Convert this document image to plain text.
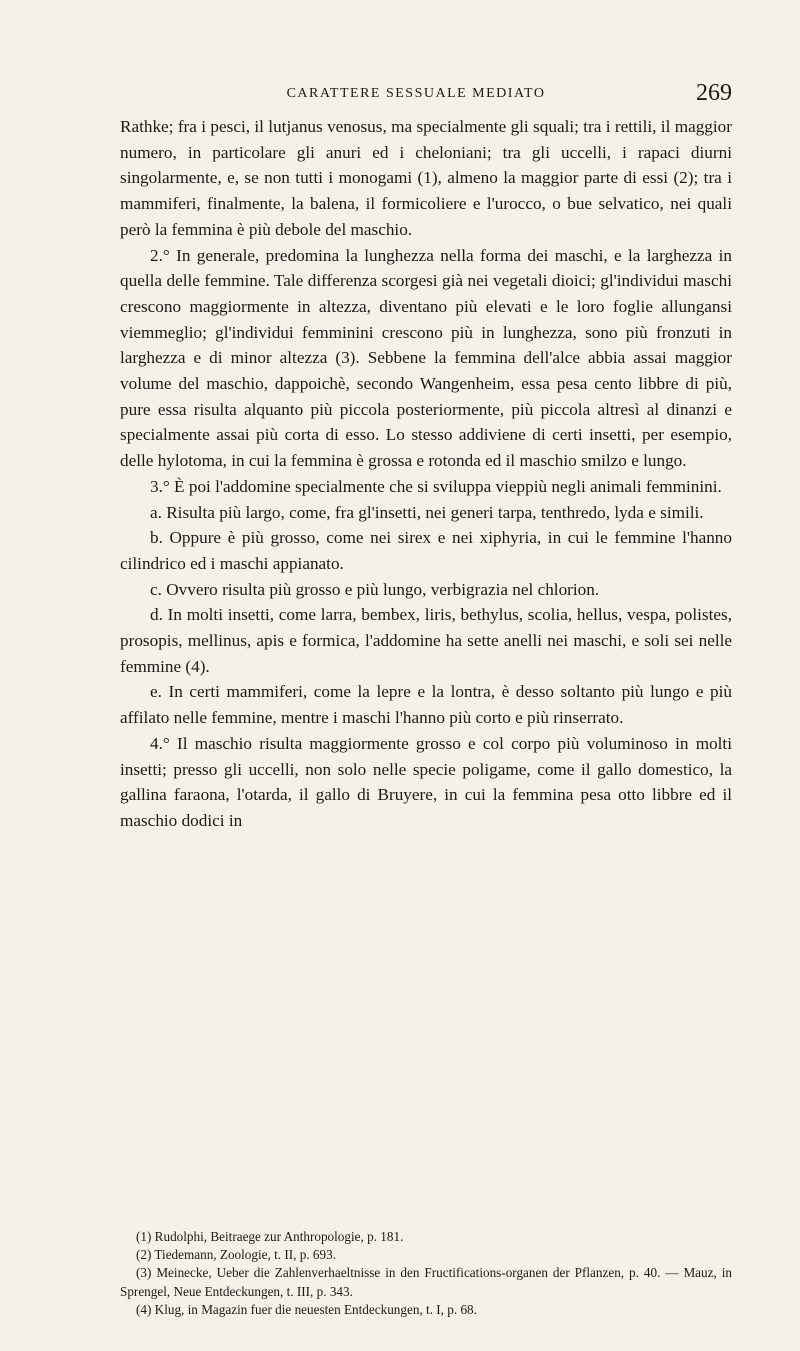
CARATTERE SESSUALE MEDIATO	269

Rathke; fra i pesci, il lutjanus venosus, ma specialmente gli squali; tra i rettili, il maggior numero, in particolare gli anuri ed i cheloniani; tra gli uccelli, i rapaci diurni singolarmente, e, se non tutti i monogami (1), almeno la maggior parte di essi (2); tra i mammiferi, finalmente, la balena, il formicoliere e l'urocco, o bue selvatico, nei quali però la femmina è più debole del maschio.

2.° In generale, predomina la lunghezza nella forma dei maschi, e la larghezza in quella delle femmine. Tale differenza scorgesi già nei vegetali dioici; gl'individui maschi crescono maggiormente in altezza, diventano più elevati e le loro foglie allungansi viemmeglio; gl'individui femminini crescono più in lunghezza, sono più fronzuti in larghezza e di minor altezza (3). Sebbene la femmina dell'alce abbia assai maggior volume del maschio, dappoichè, secondo Wangenheim, essa pesa cento libbre di più, pure essa risulta alquanto più piccola posteriormente, più piccola altresì al dinanzi e specialmente assai più corta di esso. Lo stesso addiviene di certi insetti, per esempio, delle hylotoma, in cui la femmina è grossa e rotonda ed il maschio smilzo e lungo.

3.° È poi l'addomine specialmente che si sviluppa vieppiù negli animali femminini.

a. Risulta più largo, come, fra gl'insetti, nei generi tarpa, tenthredo, lyda e simili.

b. Oppure è più grosso, come nei sirex e nei xiphyria, in cui le femmine l'hanno cilindrico ed i maschi appianato.

c. Ovvero risulta più grosso e più lungo, verbigrazia nel chlorion.

d. In molti insetti, come larra, bembex, liris, bethylus, scolia, hellus, vespa, polistes, prosopis, mellinus, apis e formica, l'addomine ha sette anelli nei maschi, e soli sei nelle femmine (4).

e. In certi mammiferi, come la lepre e la lontra, è desso soltanto più lungo e più affilato nelle femmine, mentre i maschi l'hanno più corto e più rinserrato.

4.° Il maschio risulta maggiormente grosso e col corpo più voluminoso in molti insetti; presso gli uccelli, non solo nelle specie poligame, come il gallo domestico, la gallina faraona, l'otarda, il gallo di Bruyere, in cui la femmina pesa otto libbre ed il maschio dodici in

(1) Rudolphi, Beitraege zur Anthropologie, p. 181.

(2) Tiedemann, Zoologie, t. II, p. 693.

(3) Meinecke, Ueber die Zahlenverhaeltnisse in den Fructifications-organen der Pflanzen, p. 40. — Mauz, in Sprengel, Neue Entdeckungen, t. III, p. 343.

(4) Klug, in Magazin fuer die neuesten Entdeckungen, t. I, p. 68.
